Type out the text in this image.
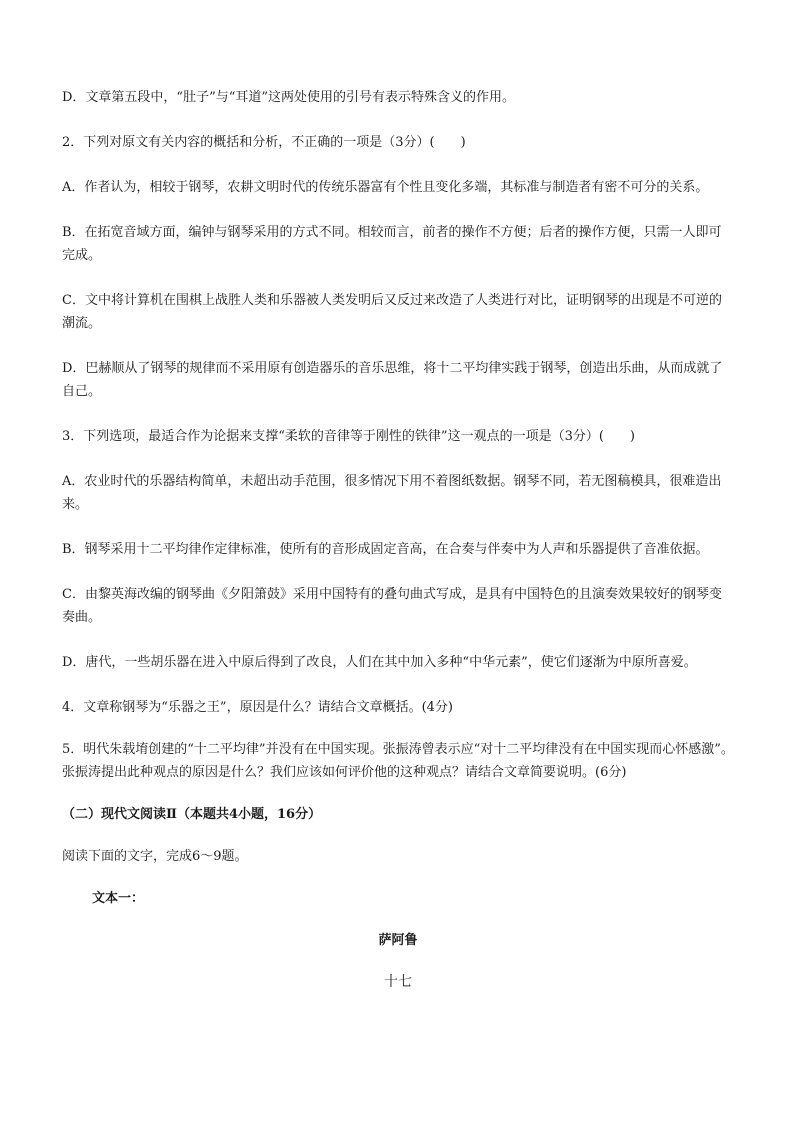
D．文章第五段中，“肚子”与“耳道”这两处使用的引号有表示特殊含义的作用。

2．下列对原文有关内容的概括和分析，不正确的一项是（3分）(　　)

A．作者认为，相较于钢琴，农耕文明时代的传统乐器富有个性且变化多端，其标准与制造者有密不可分的关系。

B．在拓宽音域方面，编钟与钢琴采用的方式不同。相较而言，前者的操作不方便；后者的操作方便，只需一人即可完成。

C．文中将计算机在围棋上战胜人类和乐器被人类发明后又反过来改造了人类进行对比，证明钢琴的出现是不可逆的潮流。

D．巴赫顺从了钢琴的规律而不采用原有创造器乐的音乐思维，将十二平均律实践于钢琴，创造出乐曲，从而成就了自己。

3．下列选项，最适合作为论据来支撑“柔软的音律等于刚性的铁律”这一观点的一项是（3分）(　　)

A．农业时代的乐器结构简单，未超出动手范围，很多情况下用不着图纸数据。钢琴不同，若无图稿模具，很难造出来。

B．钢琴采用十二平均律作定律标准，使所有的音形成固定音高，在合奏与伴奏中为人声和乐器提供了音准依据。

C．由黎英海改编的钢琴曲《夕阳箫鼓》采用中国特有的叠句曲式写成，是具有中国特色的且演奏效果较好的钢琴变奏曲。

D．唐代，一些胡乐器在进入中原后得到了改良，人们在其中加入多种“中华元素”，使它们逐渐为中原所喜爱。

4．文章称钢琴为“乐器之王”，原因是什么？请结合文章概括。(4分)

5．明代朱载堉创建的“十二平均律”并没有在中国实现。张振涛曾表示应“对十二平均律没有在中国实现而心怀感激”。张振涛提出此种观点的原因是什么？我们应该如何评价他的这种观点？请结合文章简要说明。(6分)

（二）现代文阅读Ⅱ（本题共4小题，16分）

阅读下面的文字，完成6～9题。

文本一：

萨阿鲁

十七
